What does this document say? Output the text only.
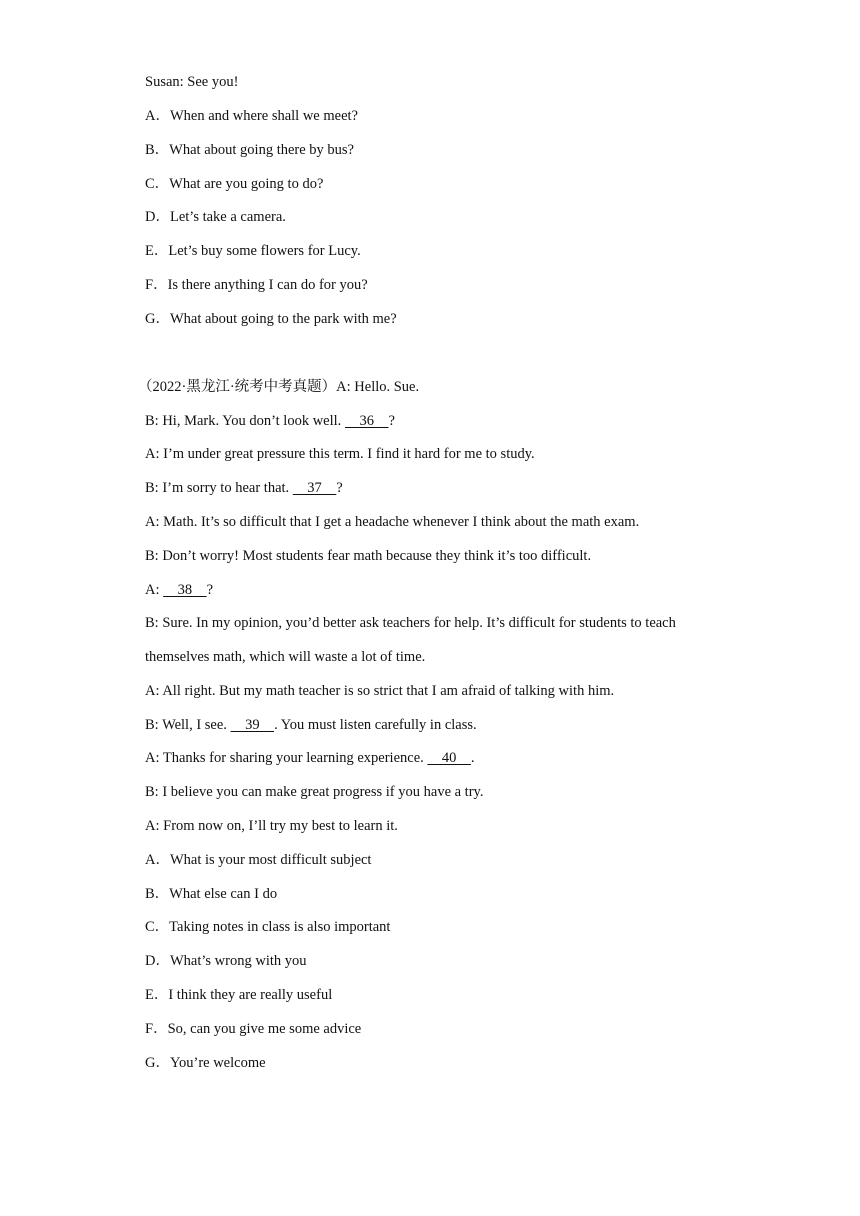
Susan: See you!
A．When and where shall we meet?
B．What about going there by bus?
C．What are you going to do?
D．Let’s take a camera.
E．Let’s buy some flowers for Lucy.
F．Is there anything I can do for you?
G．What about going to the park with me?
（2022·黑龙江·统考中考真题）A: Hello. Sue.
B: Hi, Mark. You don’t look well.     36    ?
A: I’m under great pressure this term. I find it hard for me to study.
B: I’m sorry to hear that.     37    ?
A: Math. It’s so difficult that I get a headache whenever I think about the math exam.
B: Don’t worry! Most students fear math because they think it’s too difficult.
A:     38    ?
B: Sure. In my opinion, you’d better ask teachers for help. It’s difficult for students to teach
themselves math, which will waste a lot of time.
A: All right. But my math teacher is so strict that I am afraid of talking with him.
B: Well, I see.     39    . You must listen carefully in class.
A: Thanks for sharing your learning experience.     40    .
B: I believe you can make great progress if you have a try.
A: From now on, I’ll try my best to learn it.
A．What is your most difficult subject
B．What else can I do
C．Taking notes in class is also important
D．What’s wrong with you
E．I think they are really useful
F．So, can you give me some advice
G．You’re welcome
